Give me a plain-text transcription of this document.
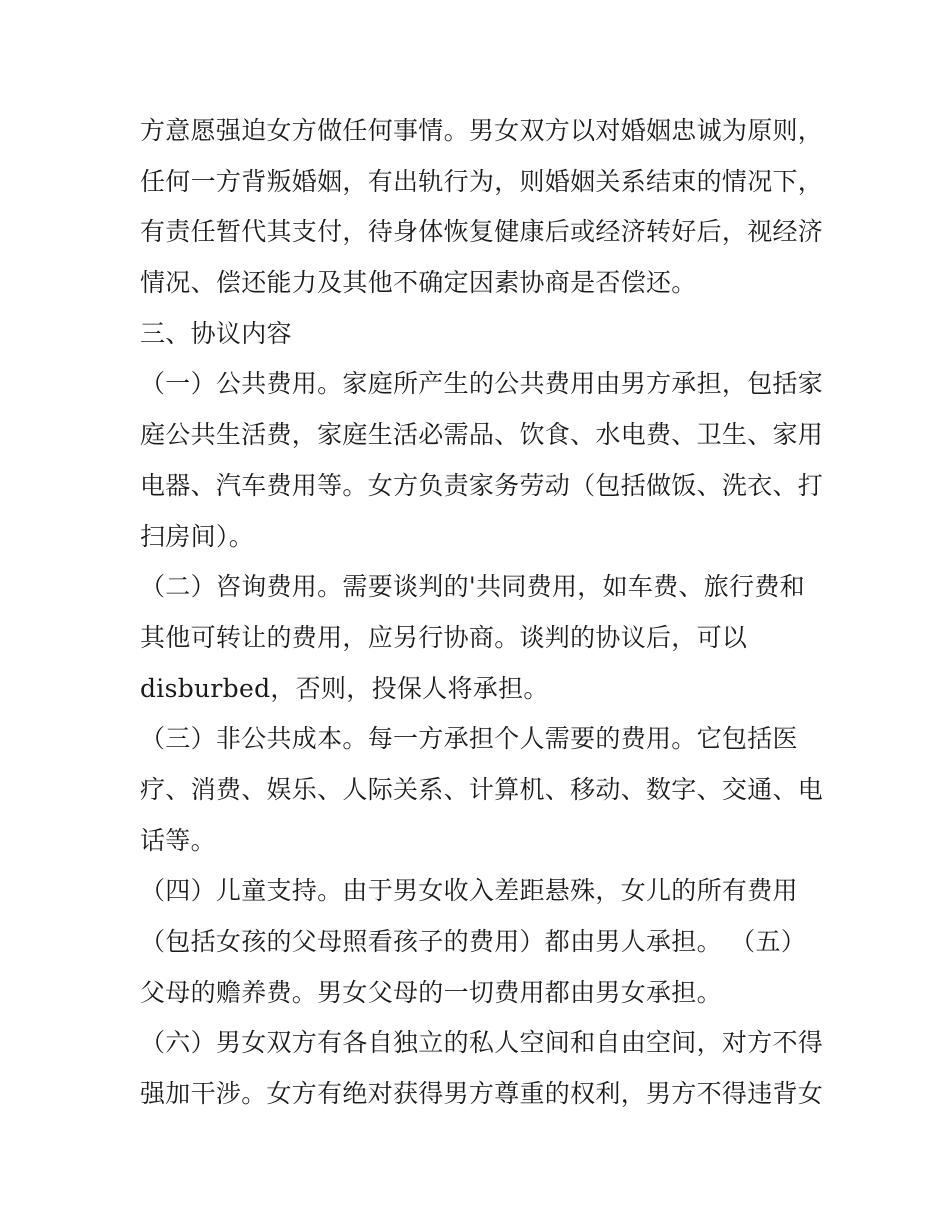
方意愿强迫女方做任何事情。男女双方以对婚姻忠诚为原则，
任何一方背叛婚姻，有出轨行为，则婚姻关系结束的情况下，
有责任暂代其支付，待身体恢复健康后或经济转好后，视经济
情况、偿还能力及其他不确定因素协商是否偿还。
三、协议内容
（一）公共费用。家庭所产生的公共费用由男方承担，包括家
庭公共生活费，家庭生活必需品、饮食、水电费、卫生、家用
电器、汽车费用等。女方负责家务劳动（包括做饭、洗衣、打
扫房间）。
（二）咨询费用。需要谈判的'共同费用，如车费、旅行费和
其他可转让的费用，应另行协商。谈判的协议后，可以
disburbed，否则，投保人将承担。
（三）非公共成本。每一方承担个人需要的费用。它包括医
疗、消费、娱乐、人际关系、计算机、移动、数字、交通、电
话等。
（四）儿童支持。由于男女收入差距悬殊，女儿的所有费用
（包括女孩的父母照看孩子的费用）都由男人承担。 （五）
父母的赡养费。男女父母的一切费用都由男女承担。
（六）男女双方有各自独立的私人空间和自由空间，对方不得
强加干涉。女方有绝对获得男方尊重的权利，男方不得违背女
